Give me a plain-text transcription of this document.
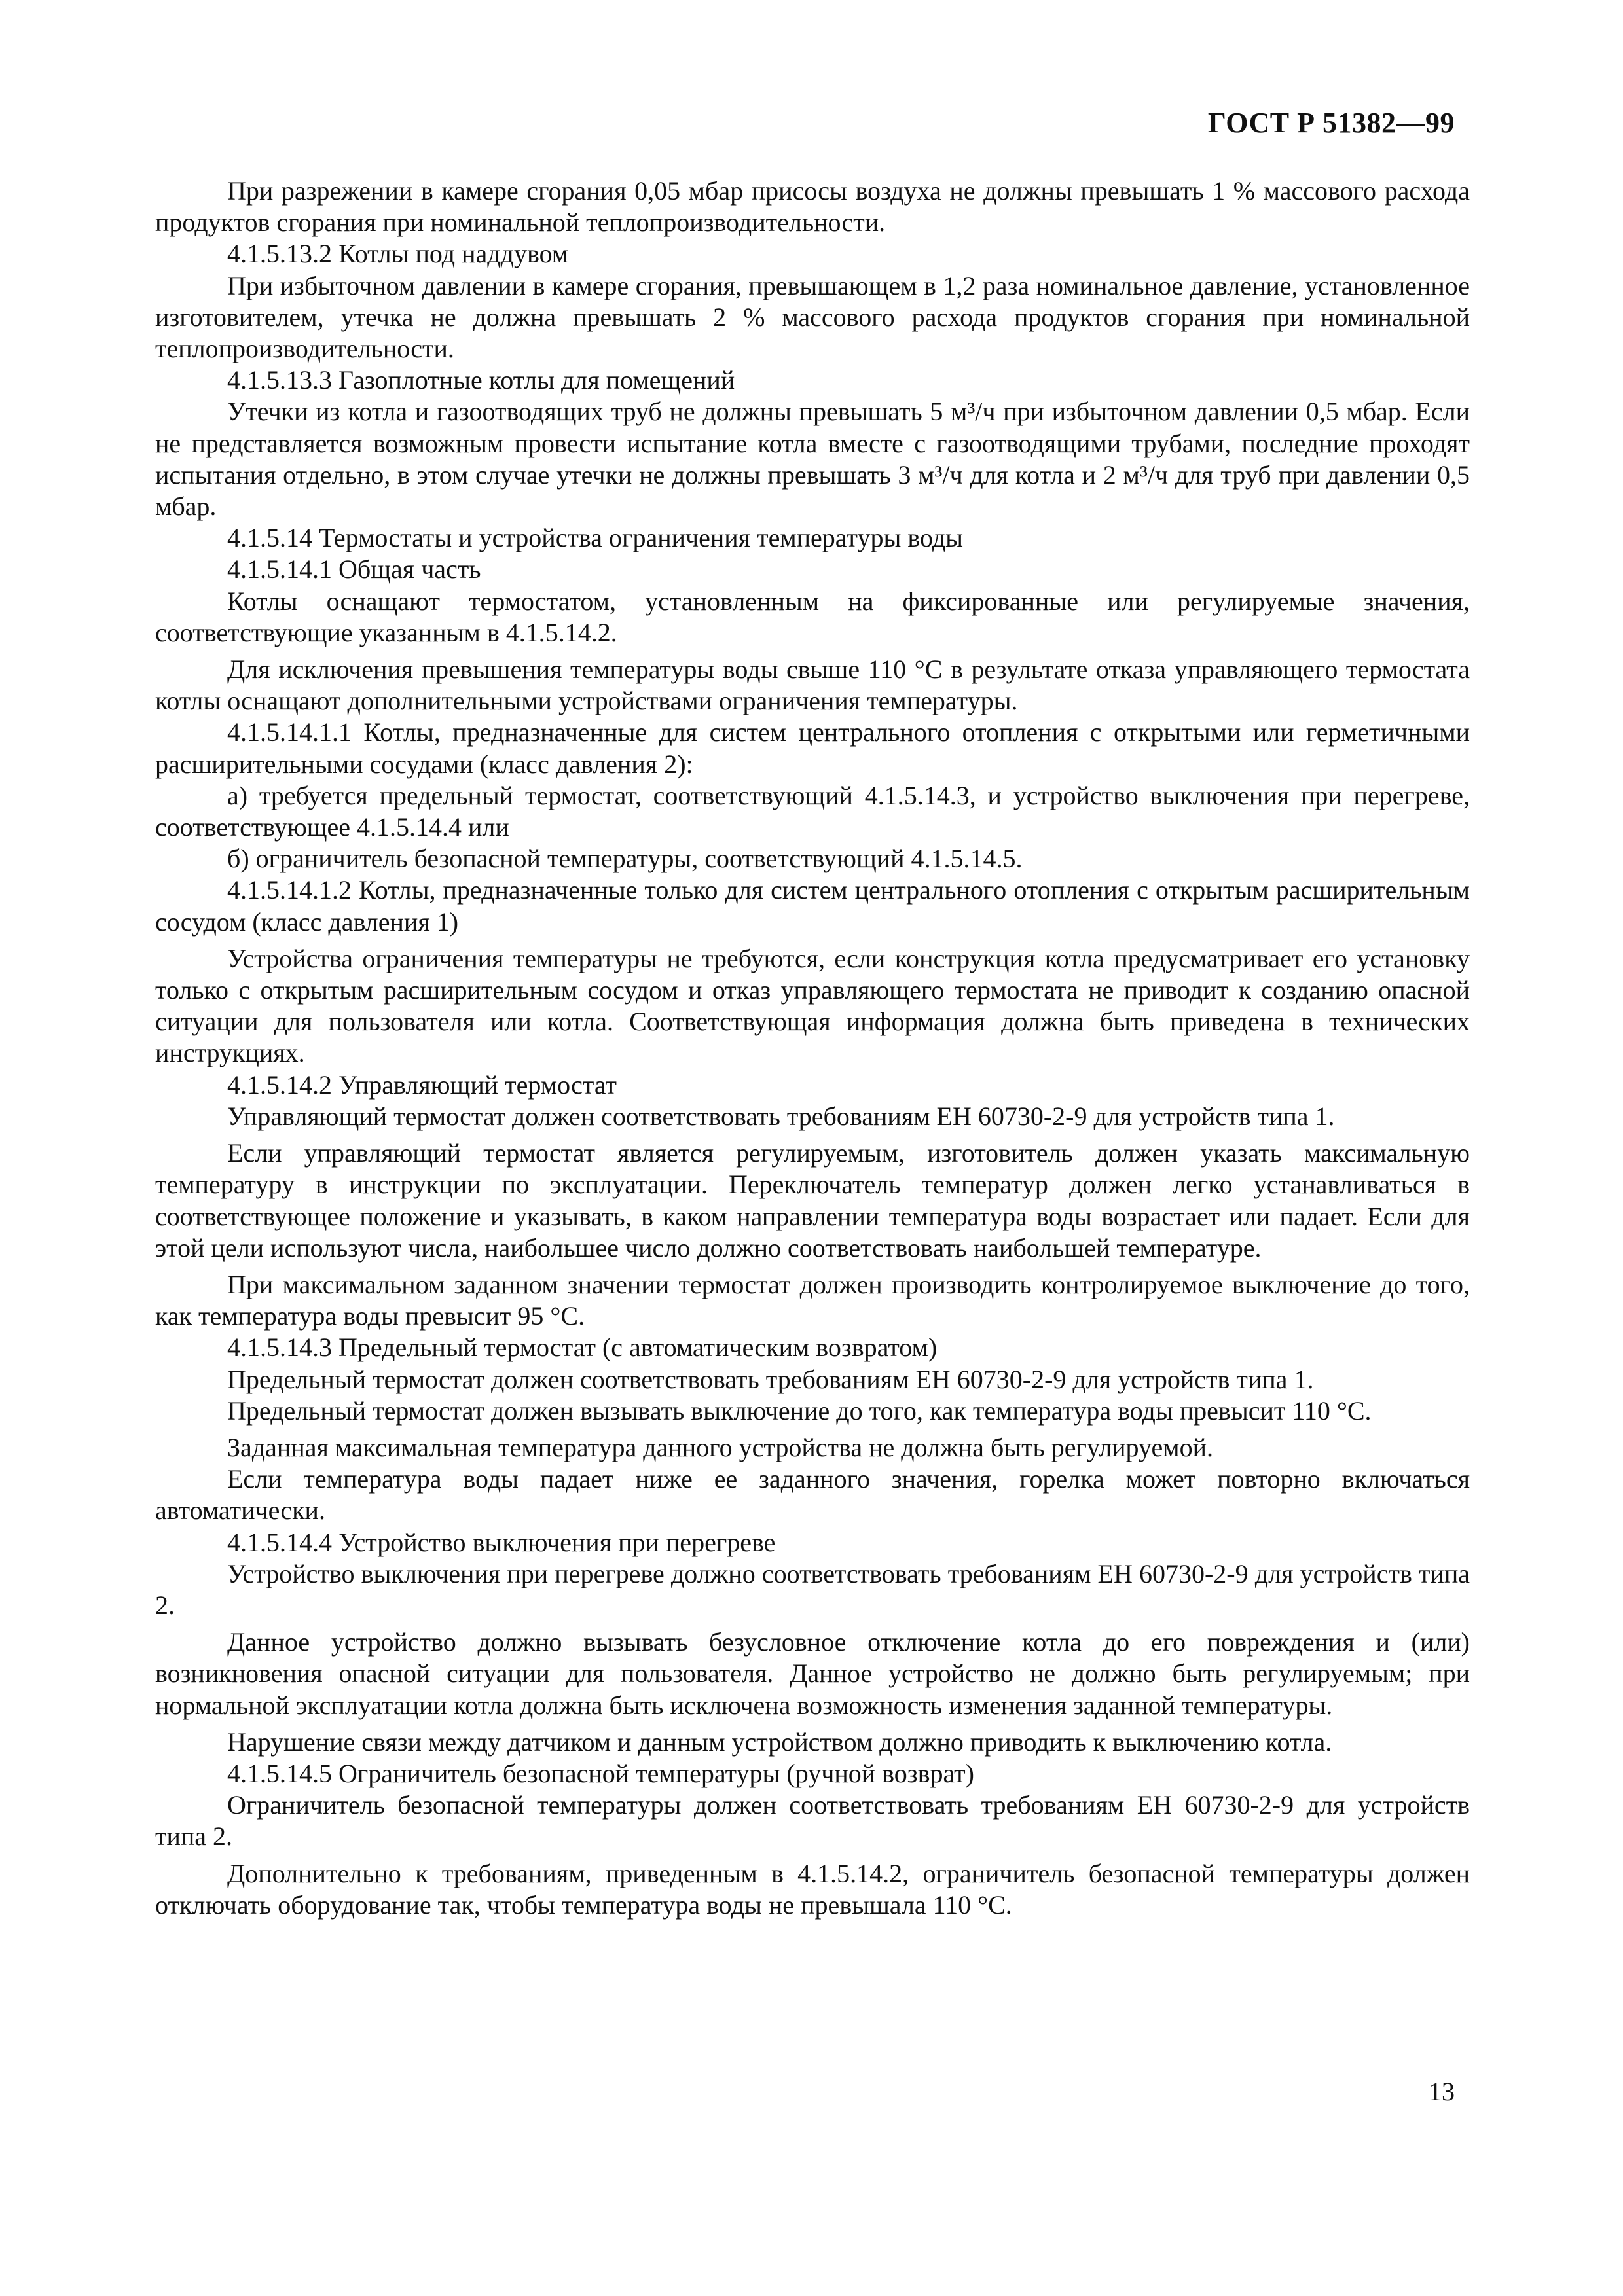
ГОСТ Р 51382—99

При разрежении в камере сгорания 0,05 мбар присосы воздуха не должны превышать 1 % массового расхода продуктов сгорания при номинальной теплопроизводительности.

4.1.5.13.2 Котлы под наддувом

При избыточном давлении в камере сгорания, превышающем в 1,2 раза номинальное давление, установленное изготовителем, утечка не должна превышать 2 % массового расхода продуктов сгорания при номинальной теплопроизводительности.

4.1.5.13.3 Газоплотные котлы для помещений

Утечки из котла и газоотводящих труб не должны превышать 5 м³/ч при избыточном давлении 0,5 мбар. Если не представляется возможным провести испытание котла вместе с газоотводящими трубами, последние проходят испытания отдельно, в этом случае утечки не должны превышать 3 м³/ч для котла и 2 м³/ч для труб при давлении 0,5 мбар.

4.1.5.14 Термостаты и устройства ограничения температуры воды

4.1.5.14.1 Общая часть

Котлы оснащают термостатом, установленным на фиксированные или регулируемые значения, соответствующие указанным в 4.1.5.14.2.

Для исключения превышения температуры воды свыше 110 °С в результате отказа управляющего термостата котлы оснащают дополнительными устройствами ограничения температуры.

4.1.5.14.1.1 Котлы, предназначенные для систем центрального отопления с открытыми или герметичными расширительными сосудами (класс давления 2):

а) требуется предельный термостат, соответствующий 4.1.5.14.3, и устройство выключения при перегреве, соответствующее 4.1.5.14.4 или

б) ограничитель безопасной температуры, соответствующий 4.1.5.14.5.

4.1.5.14.1.2 Котлы, предназначенные только для систем центрального отопления с открытым расширительным сосудом (класс давления 1)

Устройства ограничения температуры не требуются, если конструкция котла предусматривает его установку только с открытым расширительным сосудом и отказ управляющего термостата не приводит к созданию опасной ситуации для пользователя или котла. Соответствующая информация должна быть приведена в технических инструкциях.

4.1.5.14.2 Управляющий термостат

Управляющий термостат должен соответствовать требованиям ЕН 60730-2-9 для устройств типа 1.

Если управляющий термостат является регулируемым, изготовитель должен указать максимальную температуру в инструкции по эксплуатации. Переключатель температур должен легко устанавливаться в соответствующее положение и указывать, в каком направлении температура воды возрастает или падает. Если для этой цели используют числа, наибольшее число должно соответствовать наибольшей температуре.

При максимальном заданном значении термостат должен производить контролируемое выключение до того, как температура воды превысит 95 °С.

4.1.5.14.3 Предельный термостат (с автоматическим возвратом)

Предельный термостат должен соответствовать требованиям ЕН 60730-2-9 для устройств типа 1.

Предельный термостат должен вызывать выключение до того, как температура воды превысит 110 °С.

Заданная максимальная температура данного устройства не должна быть регулируемой.

Если температура воды падает ниже ее заданного значения, горелка может повторно включаться автоматически.

4.1.5.14.4 Устройство выключения при перегреве

Устройство выключения при перегреве должно соответствовать требованиям ЕН 60730-2-9 для устройств типа 2.

Данное устройство должно вызывать безусловное отключение котла до его повреждения и (или) возникновения опасной ситуации для пользователя. Данное устройство не должно быть регулируемым; при нормальной эксплуатации котла должна быть исключена возможность изменения заданной температуры.

Нарушение связи между датчиком и данным устройством должно приводить к выключению котла.

4.1.5.14.5 Ограничитель безопасной температуры (ручной возврат)

Ограничитель безопасной температуры должен соответствовать требованиям ЕН 60730-2-9 для устройств типа 2.

Дополнительно к требованиям, приведенным в 4.1.5.14.2, ограничитель безопасной температуры должен отключать оборудование так, чтобы температура воды не превышала 110 °С.

13
